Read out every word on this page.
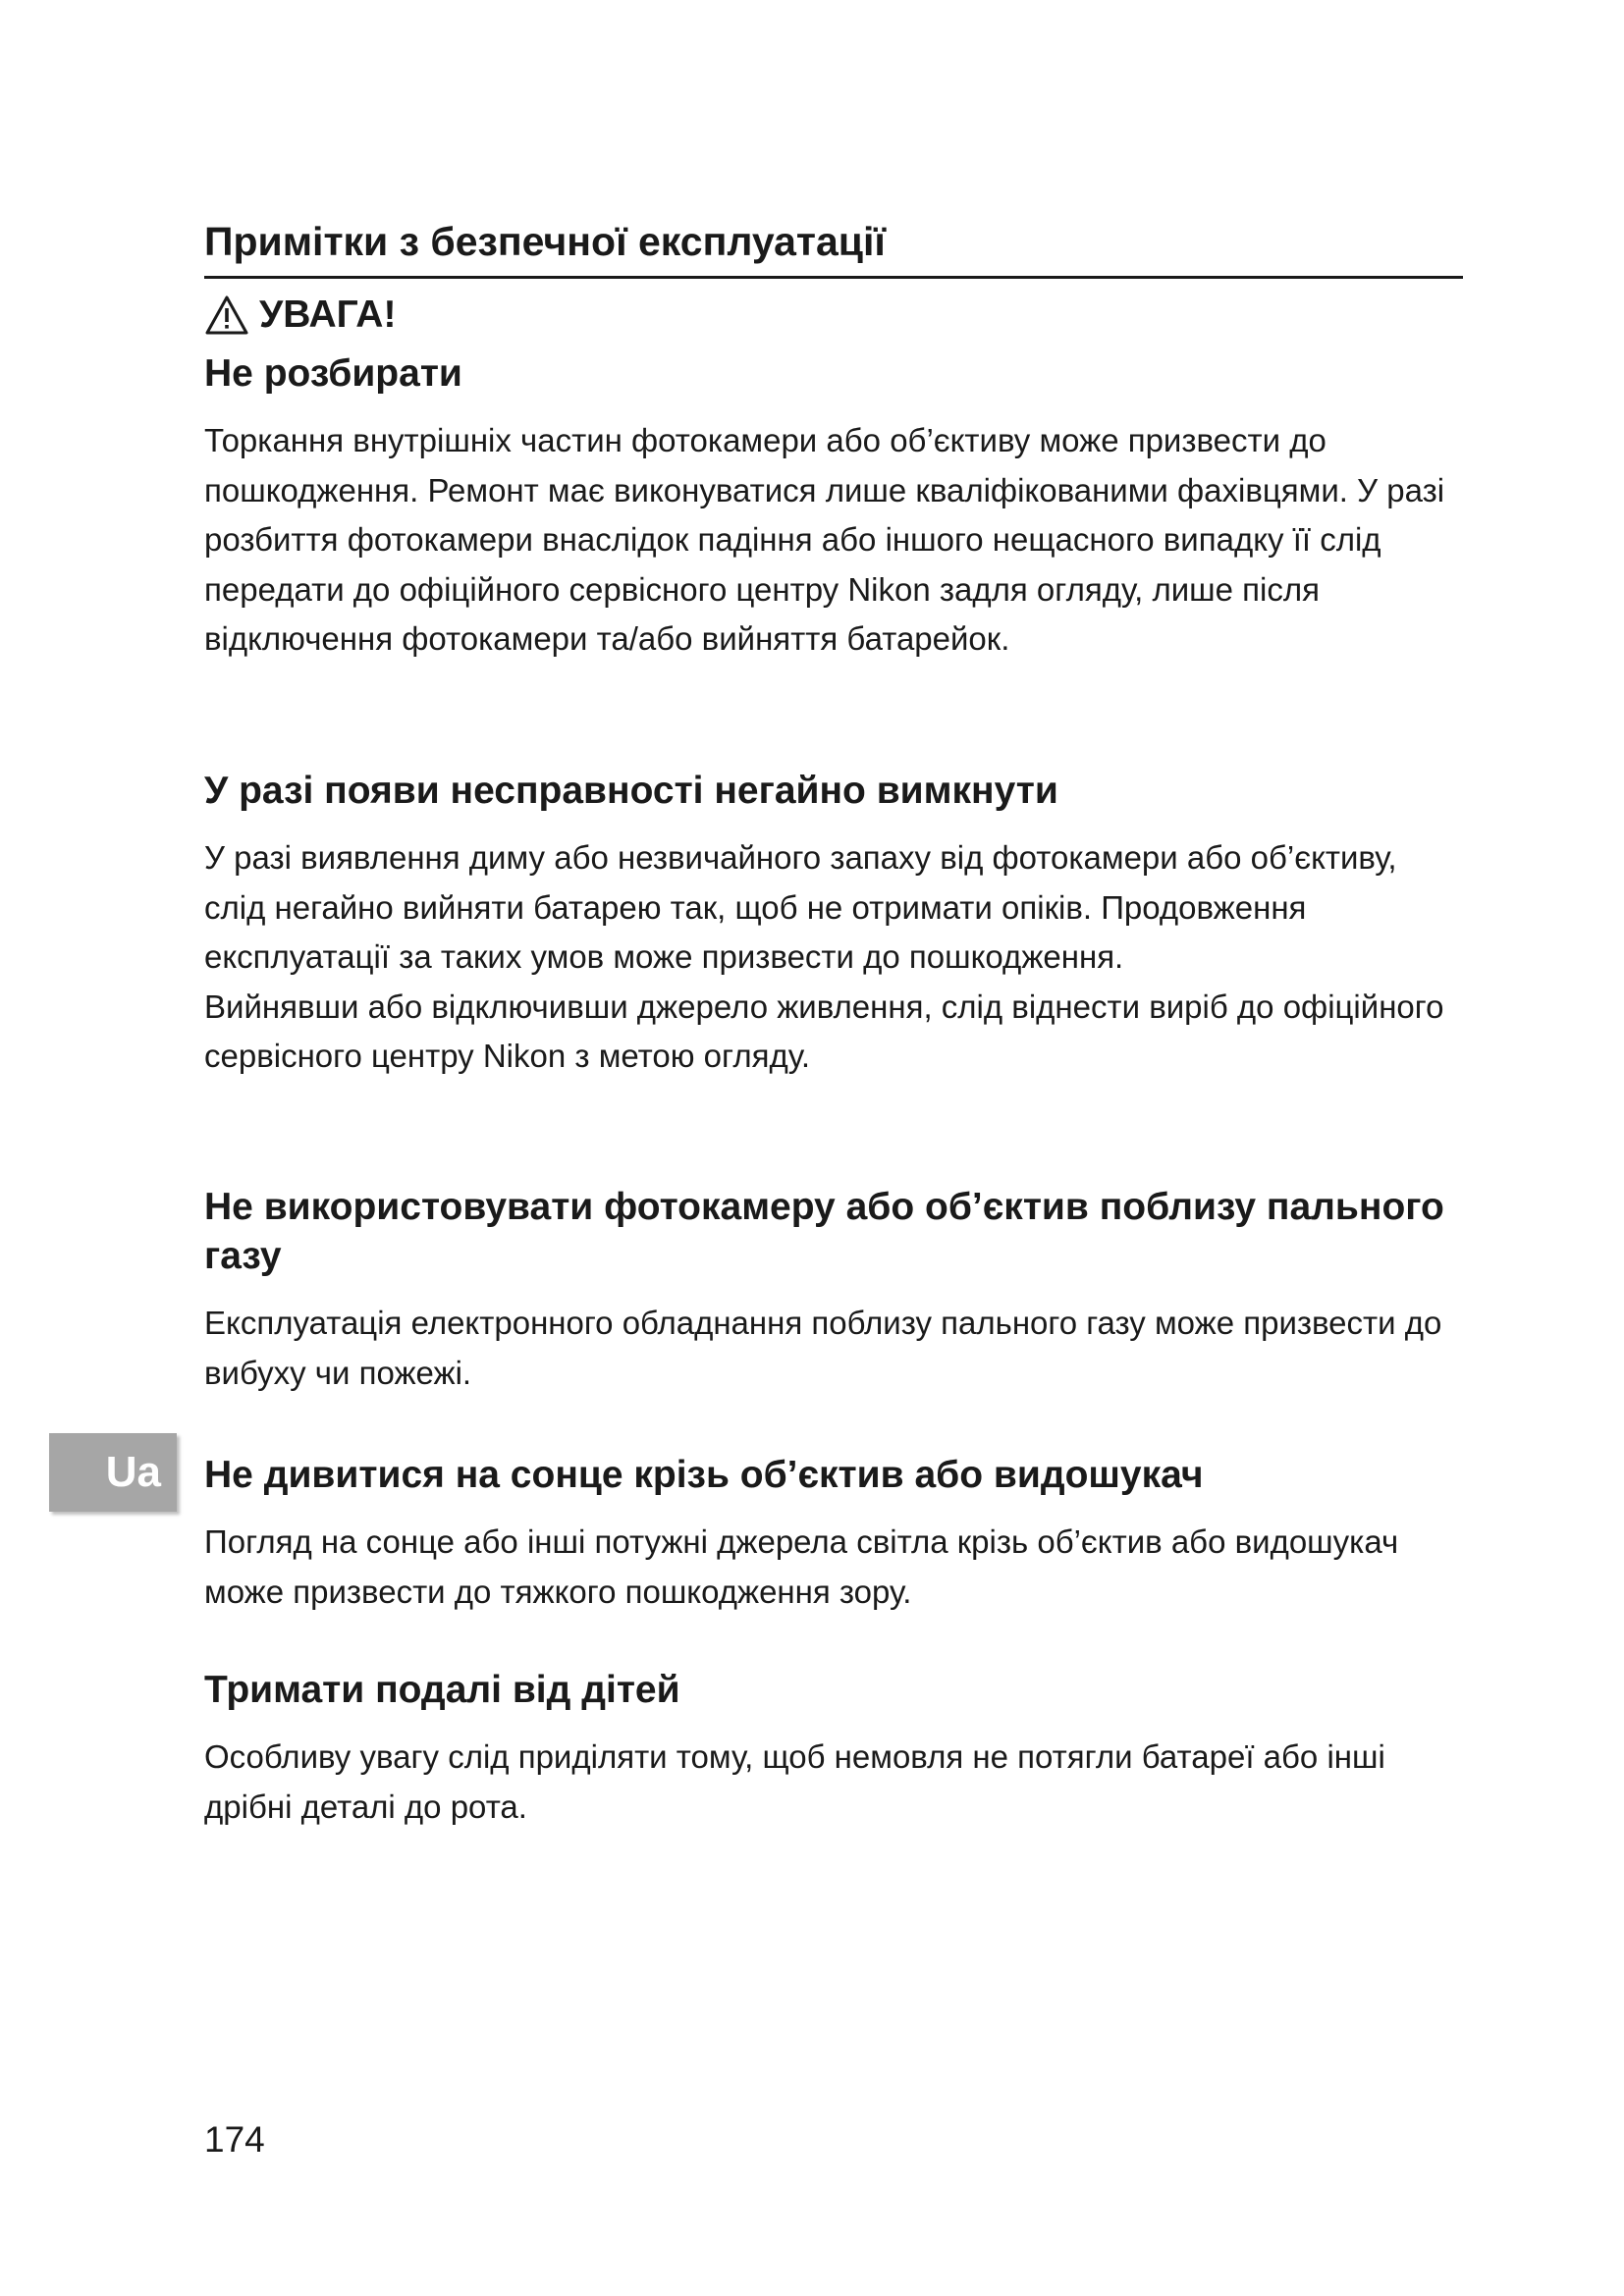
Примітки з безпечної експлуатації
УВАГА!
Не розбирати

Торкання внутрішніх частин фотокамери або об’єктиву може призвести до пошкодження. Ремонт має виконуватися лише кваліфікованими фахівцями. У разі розбиття фотокамери внаслідок падіння або іншого нещасного випадку її слід передати до офіційного сервісного центру Nikon задля огляду, лише після відключення фотокамери та/або вийняття батарейок.

У разі появи несправності негайно вимкнути

У разі виявлення диму або незвичайного запаху від фотокамери або об’єктиву, слід негайно вийняти батарею так, щоб не отримати опіків. Продовження експлуатації за таких умов може призвести до пошкодження.

Вийнявши або відключивши джерело живлення, слід віднести виріб до офіційного сервісного центру Nikon з метою огляду.

Не використовувати фотокамеру або об’єктив поблизу пального газу

Експлуатація електронного обладнання поблизу пального газу може призвести до вибуху чи пожежі.

Ua	Не дивитися на сонце крізь об’єктив або видошукач

Погляд на сонце або інші потужні джерела світла крізь об’єктив або видошукач може призвести до тяжкого пошкодження зору.

Тримати подалі від дітей

Особливу увагу слід приділяти тому, щоб немовля не потягли батареї або інші дрібні деталі до рота.

174
